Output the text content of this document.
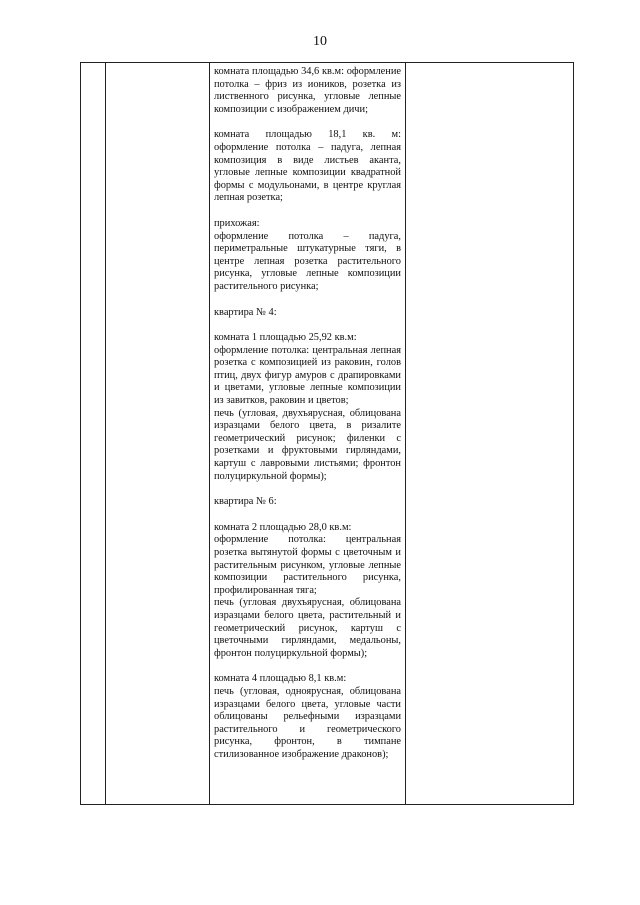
10

комната площадью 34,6 кв.м: оформление потолка – фриз из иоников, розетка из лиственного рисунка, угловые лепные композиции с изображением дичи;
комната площадью 18,1 кв. м: оформление потолка – падуга, лепная композиция в виде листьев аканта, угловые лепные композиции квадратной формы с модульонами, в центре круглая лепная розетка;
прихожая:
оформление потолка – падуга, периметральные штукатурные тяги, в центре лепная розетка растительного рисунка, угловые лепные композиции растительного рисунка;
квартира № 4:
комната 1 площадью 25,92 кв.м:
оформление потолка: центральная лепная розетка с композицией из раковин, голов птиц, двух фигур амуров с драпировками и цветами, угловые лепные композиции из завитков, раковин и цветов;
печь (угловая, двухъярусная, облицована изразцами белого цвета, в ризалите геометрический рисунок; филенки с розетками и фруктовыми гирляндами, картуш с лавровыми листьями; фронтон полуциркульной формы);
квартира № 6:
комната 2 площадью 28,0 кв.м:
оформление потолка: центральная розетка вытянутой формы с цветочным и растительным рисунком, угловые лепные композиции растительного рисунка, профилированная тяга;
печь (угловая двухъярусная, облицована изразцами белого цвета, растительный и геометрический рисунок, картуш с цветочными гирляндами, медальоны, фронтон полуциркульной формы);
комната 4 площадью 8,1 кв.м:
печь (угловая, одноярусная, облицована изразцами белого цвета, угловые части облицованы рельефными изразцами растительного и геометрического рисунка, фронтон, в тимпане стилизованное изображение драконов);
